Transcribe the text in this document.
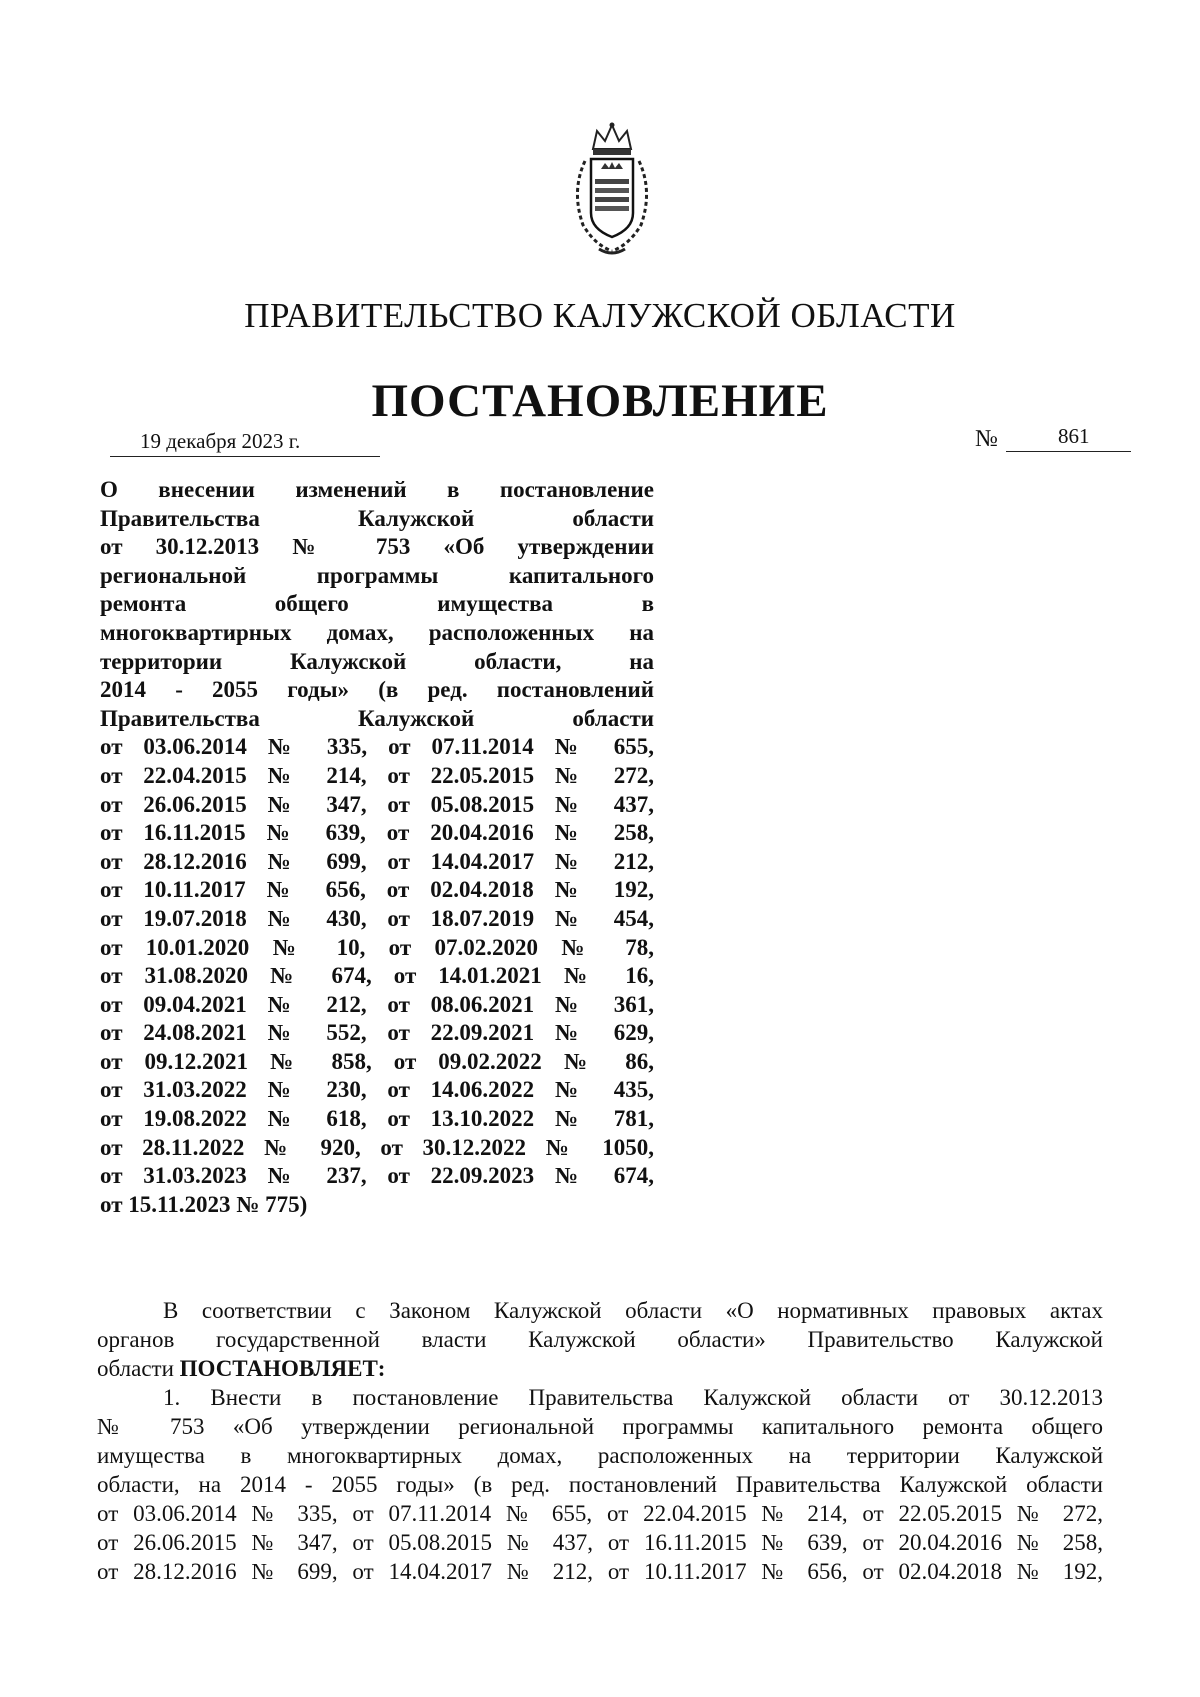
ПРАВИТЕЛЬСТВО КАЛУЖСКОЙ ОБЛАСТИ
ПОСТАНОВЛЕНИЕ
19 декабря 2023 г.	№	861
О внесении изменений в постановление
Правительства Калужской области
от 30.12.2013 № 753 «Об утверждении
региональной программы капитального
ремонта общего имущества в
многоквартирных домах, расположенных на
территории Калужской области, на
2014 - 2055 годы» (в ред. постановлений
Правительства Калужской области
от 03.06.2014 № 335, от 07.11.2014 № 655,
от 22.04.2015 № 214, от 22.05.2015 № 272,
от 26.06.2015 № 347, от 05.08.2015 № 437,
от 16.11.2015 № 639, от 20.04.2016 № 258,
от 28.12.2016 № 699, от 14.04.2017 № 212,
от 10.11.2017 № 656, от 02.04.2018 № 192,
от 19.07.2018 № 430, от 18.07.2019 № 454,
от 10.01.2020 № 10, от 07.02.2020 № 78,
от 31.08.2020 № 674, от 14.01.2021 № 16,
от 09.04.2021 № 212, от 08.06.2021 № 361,
от 24.08.2021 № 552, от 22.09.2021 № 629,
от 09.12.2021 № 858, от 09.02.2022 № 86,
от 31.03.2022 № 230, от 14.06.2022 № 435,
от 19.08.2022 № 618, от 13.10.2022 № 781,
от 28.11.2022 № 920, от 30.12.2022 № 1050,
от 31.03.2023 № 237, от 22.09.2023 № 674,
от 15.11.2023 № 775)
В соответствии с Законом Калужской области «О нормативных правовых актах
органов государственной власти Калужской области» Правительство Калужской
области ПОСТАНОВЛЯЕТ:
1. Внести в постановление Правительства Калужской области от 30.12.2013
№ 753 «Об утверждении региональной программы капитального ремонта общего
имущества в многоквартирных домах, расположенных на территории Калужской
области, на 2014 - 2055 годы» (в ред. постановлений Правительства Калужской области
от 03.06.2014 № 335, от 07.11.2014 № 655, от 22.04.2015 № 214, от 22.05.2015 № 272,
от 26.06.2015 № 347, от 05.08.2015 № 437, от 16.11.2015 № 639, от 20.04.2016 № 258,
от 28.12.2016 № 699, от 14.04.2017 № 212, от 10.11.2017 № 656, от 02.04.2018 № 192,
